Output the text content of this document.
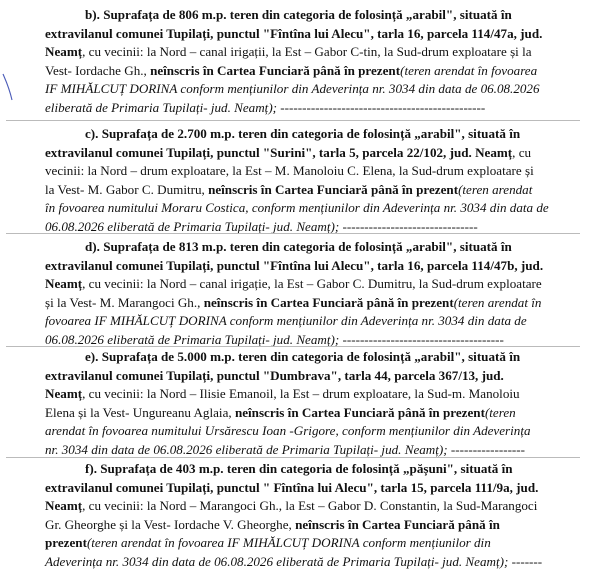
b). Suprafața de 806 m.p. teren din categoria de folosință „arabil", situată în
extravilanul comunei Tupilați, punctul "Fîntîna lui Alecu", tarla 16, parcela 114/47a, jud.
Neamț, cu vecinii: la Nord – canal irigații, la Est – Gabor C-tin, la Sud-drum exploatare și la
Vest- Iordache Gh., neînscris în Cartea Funciară până în prezent(teren arendat în fovoarea
IF MIHĂLCUȚ DORINA conform mențiunilor din Adeverința nr. 3034 din data de 06.08.2026
eliberată de Primaria Tupilați- jud. Neamț); -----------------------------------------------

c). Suprafața de 2.700 m.p. teren din categoria de folosință „arabil", situată în
extravilanul comunei Tupilați, punctul "Surini", tarla 5, parcela 22/102, jud. Neamț, cu
vecinii: la Nord – drum exploatare, la Est – M. Manoloiu C. Elena, la Sud-drum exploatare și
la Vest- M. Gabor C. Dumitru, neînscris în Cartea Funciară până în prezent(teren arendat
în fovoarea numitului Moraru Costica, conform mențiunilor din Adeverința nr. 3034 din data de
06.08.2026 eliberată de Primaria Tupilați- jud. Neamț); -------------------------------

d). Suprafața de 813 m.p. teren din categoria de folosință „arabil", situată în
extravilanul comunei Tupilați, punctul "Fîntîna lui Alecu", tarla 16, parcela 114/47b, jud.
Neamț, cu vecinii: la Nord – canal irigație, la Est – Gabor C. Dumitru, la Sud-drum exploatare
și la Vest- M. Marangoci Gh., neînscris în Cartea Funciară până în prezent(teren arendat în
fovoarea IF MIHĂLCUȚ DORINA conform mențiunilor din Adeverința nr. 3034 din data de
06.08.2026 eliberată de Primaria Tupilați- jud. Neamț); -------------------------------------

e). Suprafața de 5.000 m.p. teren din categoria de folosință „arabil", situată în
extravilanul comunei Tupilați, punctul "Dumbrava", tarla 44, parcela 367/13, jud.
Neamț, cu vecinii: la Nord – Ilisie Emanoil, la Est – drum exploatare, la Sud-m. Manoloiu
Elena și la Vest- Ungureanu Aglaia, neînscris în Cartea Funciară până în prezent(teren
arendat în fovoarea numitului Ursărescu Ioan -Grigore, conform mențiunilor din Adeverința
nr. 3034 din data de 06.08.2026 eliberată de Primaria Tupilați- jud. Neamț); -----------------

f). Suprafața de 403 m.p. teren din categoria de folosință „pășuni", situată în
extravilanul comunei Tupilați, punctul " Fîntîna lui Alecu", tarla 15, parcela 111/9a, jud.
Neamț, cu vecinii: la Nord – Marangoci Gh., la Est – Gabor D. Constantin, la Sud-Marangoci
Gr. Gheorghe și la Vest- Iordache V. Gheorghe, neînscris în Cartea Funciară până în
prezent(teren arendat în fovoarea IF MIHĂLCUȚ DORINA conform mențiunilor din
Adeverința nr. 3034 din data de 06.08.2026 eliberată de Primaria Tupilați- jud. Neamț); -------
